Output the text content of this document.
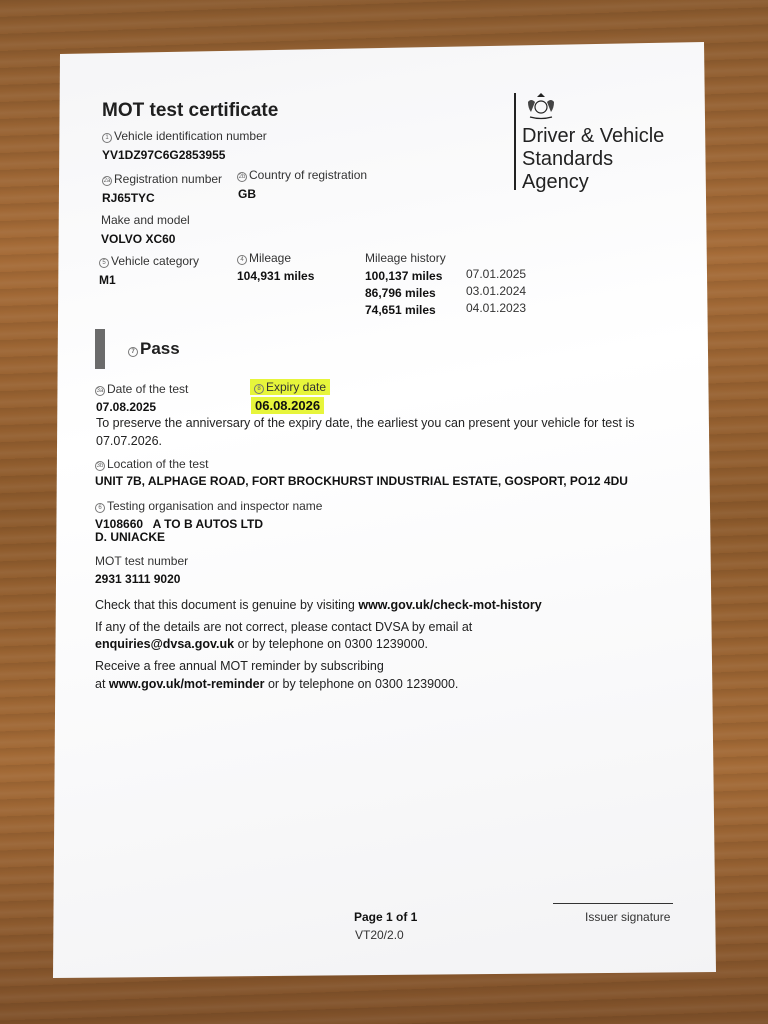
MOT test certificate
Driver & Vehicle
Standards
Agency
1 Vehicle identification number
YV1DZ97C6G2853955
2a Registration number
RJ65TYC
2b Country of registration
GB
Make and model
VOLVO XC60
5 Vehicle category
M1
4 Mileage
104,931 miles
Mileage history
100,137 miles 07.01.2025
86,796 miles	03.01.2024
74,651 miles	04.01.2023
7 Pass
3a Date of the test
07.08.2025
8 Expiry date
06.08.2026
To preserve the anniversary of the expiry date, the earliest you can present your vehicle for test is
07.07.2026.
3b Location of the test
UNIT 7B, ALPHAGE ROAD, FORT BROCKHURST INDUSTRIAL ESTATE, GOSPORT, PO12 4DU
6 Testing organisation and inspector name
V108660   A TO B AUTOS LTD
D. UNIACKE
MOT test number
2931 3111 9020
Check that this document is genuine by visiting www.gov.uk/check-mot-history
If any of the details are not correct, please contact DVSA by email at
enquiries@dvsa.gov.uk or by telephone on 0300 1239000.
Receive a free annual MOT reminder by subscribing
at www.gov.uk/mot-reminder or by telephone on 0300 1239000.
Page 1 of 1
VT20/2.0
Issuer signature
